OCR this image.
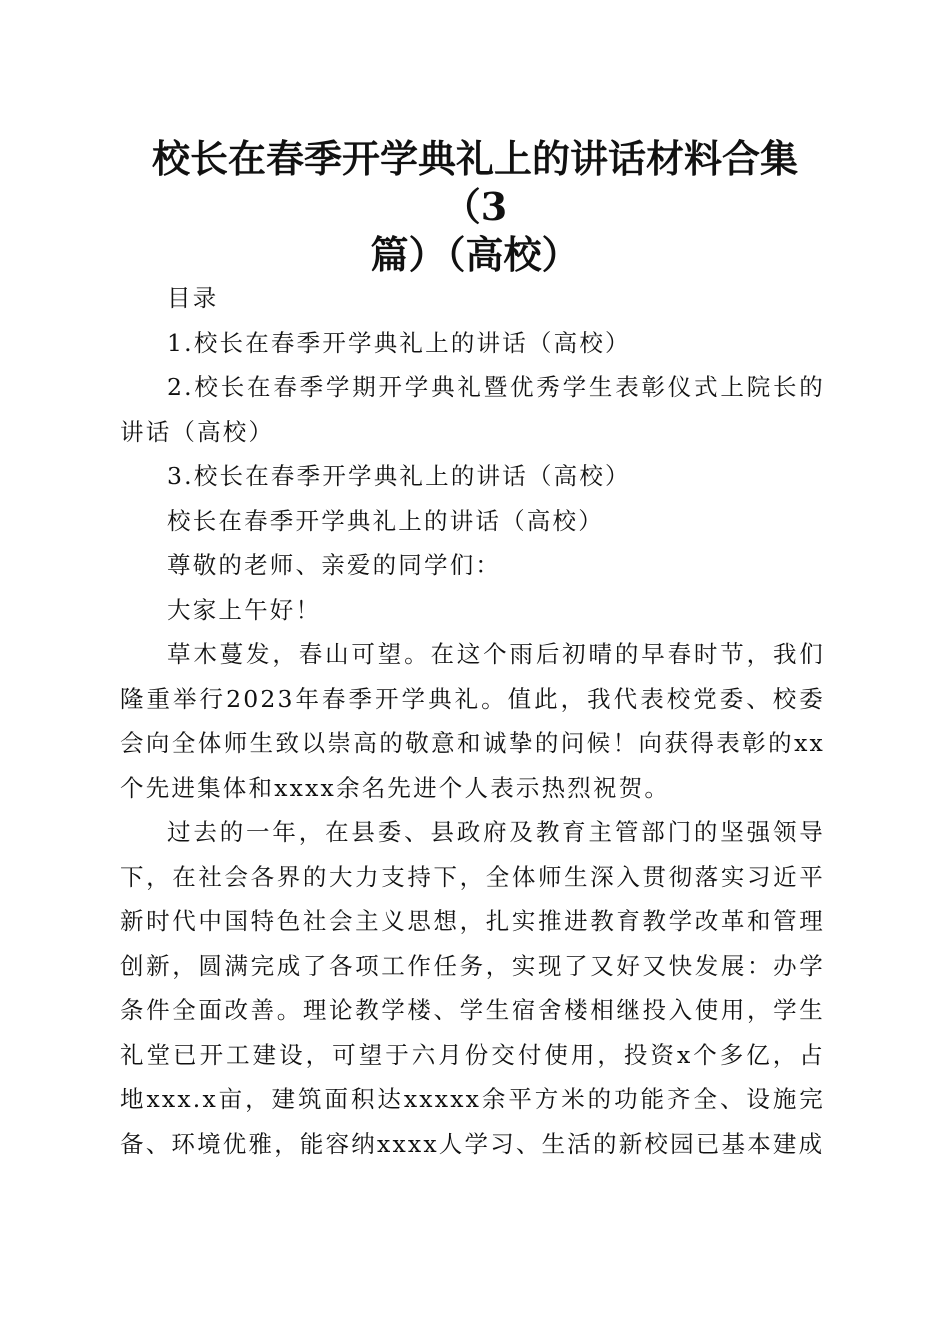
校长在春季开学典礼上的讲话材料合集（3
篇）（高校）

目录

1.校长在春季开学典礼上的讲话（高校）

2.校长在春季学期开学典礼暨优秀学生表彰仪式上院长的讲话（高校）

3.校长在春季开学典礼上的讲话（高校）

校长在春季开学典礼上的讲话（高校）

尊敬的老师、亲爱的同学们：

大家上午好！

草木蔓发，春山可望。在这个雨后初晴的早春时节，我们隆重举行2023年春季开学典礼。值此，我代表校党委、校委会向全体师生致以崇高的敬意和诚挚的问候！向获得表彰的xx个先进集体和xxxx余名先进个人表示热烈祝贺。

过去的一年，在县委、县政府及教育主管部门的坚强领导下，在社会各界的大力支持下，全体师生深入贯彻落实习近平新时代中国特色社会主义思想，扎实推进教育教学改革和管理创新，圆满完成了各项工作任务，实现了又好又快发展：办学条件全面改善。理论教学楼、学生宿舍楼相继投入使用，学生礼堂已开工建设，可望于六月份交付使用，投资x个多亿，占地xxx.x亩，建筑面积达xxxxx余平方米的功能齐全、设施完备、环境优雅，能容纳xxxx人学习、生活的新校园已基本建成
